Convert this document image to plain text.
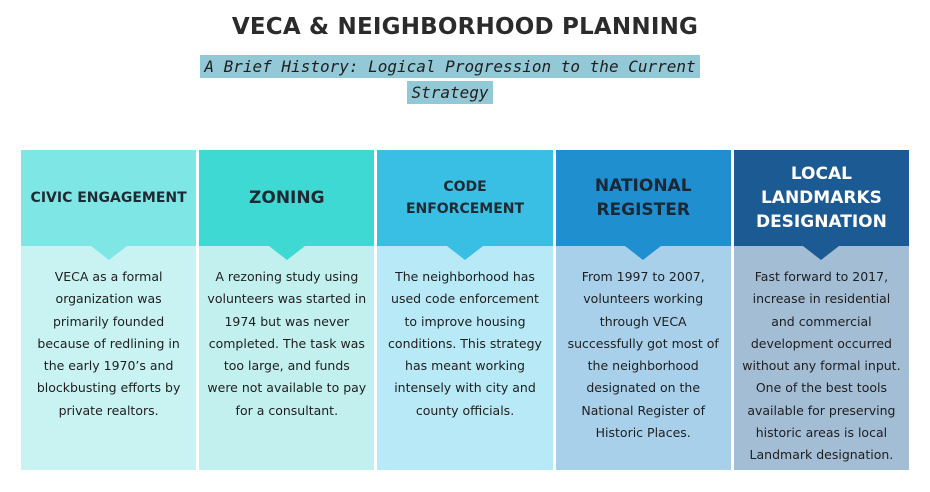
VECA & NEIGHBORHOOD PLANNING
A Brief History: Logical Progression to the Current Strategy
CIVIC ENGAGEMENT
VECA as a formal organization was primarily founded because of redlining in the early 1970’s and blockbusting efforts by private realtors.
ZONING
A rezoning study using volunteers was started in 1974 but was never completed. The task was too large, and funds were not available to pay for a consultant.
CODE ENFORCEMENT
The neighborhood has used code enforcement to improve housing conditions. This strategy has meant working intensely with city and county officials.
NATIONAL REGISTER
From 1997 to 2007, volunteers working through VECA successfully got most of the neighborhood designated on the National Register of Historic Places.
LOCAL LANDMARKS DESIGNATION
Fast forward to 2017, increase in residential and commercial development occurred without any formal input. One of the best tools available for preserving historic areas is local Landmark designation.
